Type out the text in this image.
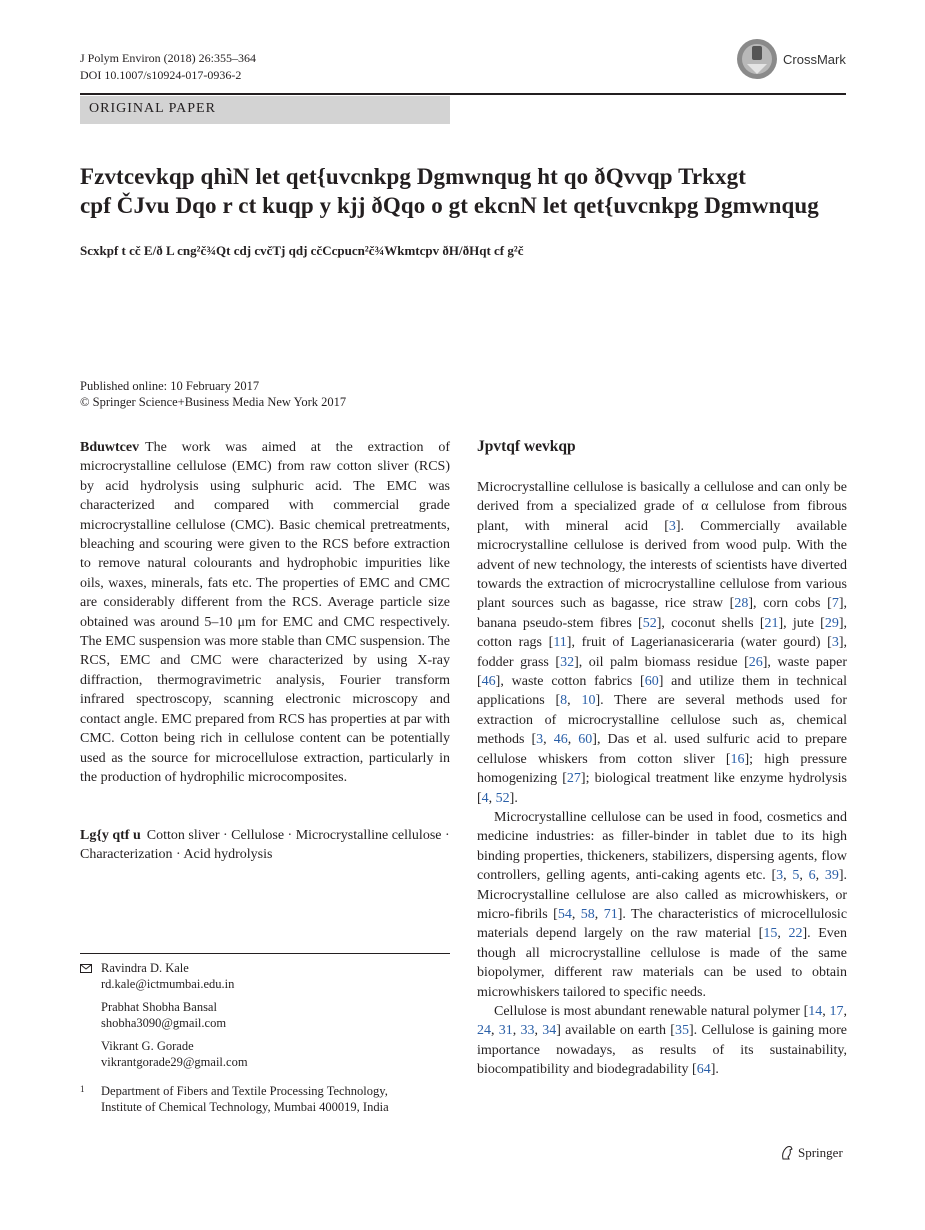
J Polym Environ (2018) 26:355–364
DOI 10.1007/s10924-017-0936-2
CrossMark
ORIGINAL PAPER
Fzvtcevkqp qhìN let qet{uvcnkpg Dgmwnqug ht qo ðQvvqp Trkxgt
cpf ČJvu Dqo r ct kuqp y kjj ðQqo o gt ekcnN let qet{uvcnkpg Dgmwnqug
Scxkpf t cč E/ð L cng²č¾Qt cdj cvčTj qdj cčCcpucn²č¾Wkmtcpv ðH/ðHqt cf g²č
Published online: 10 February 2017
© Springer Science+Business Media New York 2017
Bduwtcev The work was aimed at the extraction of microcrystalline cellulose (EMC) from raw cotton sliver (RCS) by acid hydrolysis using sulphuric acid. The EMC was characterized and compared with commercial grade microcrystalline cellulose (CMC). Basic chemical pretreatments, bleaching and scouring were given to the RCS before extraction to remove natural colourants and hydrophobic impurities like oils, waxes, minerals, fats etc. The properties of EMC and CMC are considerably different from the RCS. Average particle size obtained was around 5–10 μm for EMC and CMC respectively. The EMC suspension was more stable than CMC suspension. The RCS, EMC and CMC were characterized by using X-ray diffraction, thermogravimetric analysis, Fourier transform infrared spectroscopy, scanning electronic microscopy and contact angle. EMC prepared from RCS has properties at par with CMC. Cotton being rich in cellulose content can be potentially used as the source for microcellulose extraction, particularly in the production of hydrophilic microcomposites.
Lg{y qtf u Cotton sliver · Cellulose · Microcrystalline cellulose · Characterization · Acid hydrolysis
Ravindra D. Kale
rd.kale@ictmumbai.edu.in
Prabhat Shobha Bansal
shobha3090@gmail.com
Vikrant G. Gorade
vikrantgorade29@gmail.com
1 Department of Fibers and Textile Processing Technology,
Institute of Chemical Technology, Mumbai 400019, India
Jpvtqf wevkqp

Microcrystalline cellulose is basically a cellulose and can only be derived from a specialized grade of α cellulose from fibrous plant, with mineral acid [3]. Commercially available microcrystalline cellulose is derived from wood pulp. With the advent of new technology, the interests of scientists have diverted towards the extraction of microcrystalline cellulose from various plant sources such as bagasse, rice straw [28], corn cobs [7], banana pseudo-stem fibres [52], coconut shells [21], jute [29], cotton rags [11], fruit of Lagerianasiceraria (water gourd) [3], fodder grass [32], oil palm biomass residue [26], waste paper [46], waste cotton fabrics [60] and utilize them in technical applications [8, 10]. There are several methods used for extraction of microcrystalline cellulose such as, chemical methods [3, 46, 60], Das et al. used sulfuric acid to prepare cellulose whiskers from cotton sliver [16]; high pressure homogenizing [27]; biological treatment like enzyme hydrolysis [4, 52].

Microcrystalline cellulose can be used in food, cosmetics and medicine industries: as filler-binder in tablet due to its high binding properties, thickeners, stabilizers, dispersing agents, flow controllers, gelling agents, anti-caking agents etc. [3, 5, 6, 39]. Microcrystalline cellulose are also called as microwhiskers, or micro-fibrils [54, 58, 71]. The characteristics of microcellulosic materials depend largely on the raw material [15, 22]. Even though all microcrystalline cellulose is made of the same biopolymer, different raw materials can be used to obtain microwhiskers tailored to specific needs.

Cellulose is most abundant renewable natural polymer [14, 17, 24, 31, 33, 34] available on earth [35]. Cellulose is gaining more importance nowadays, as results of its sustainability, biocompatibility and biodegradability [64].

Springer
